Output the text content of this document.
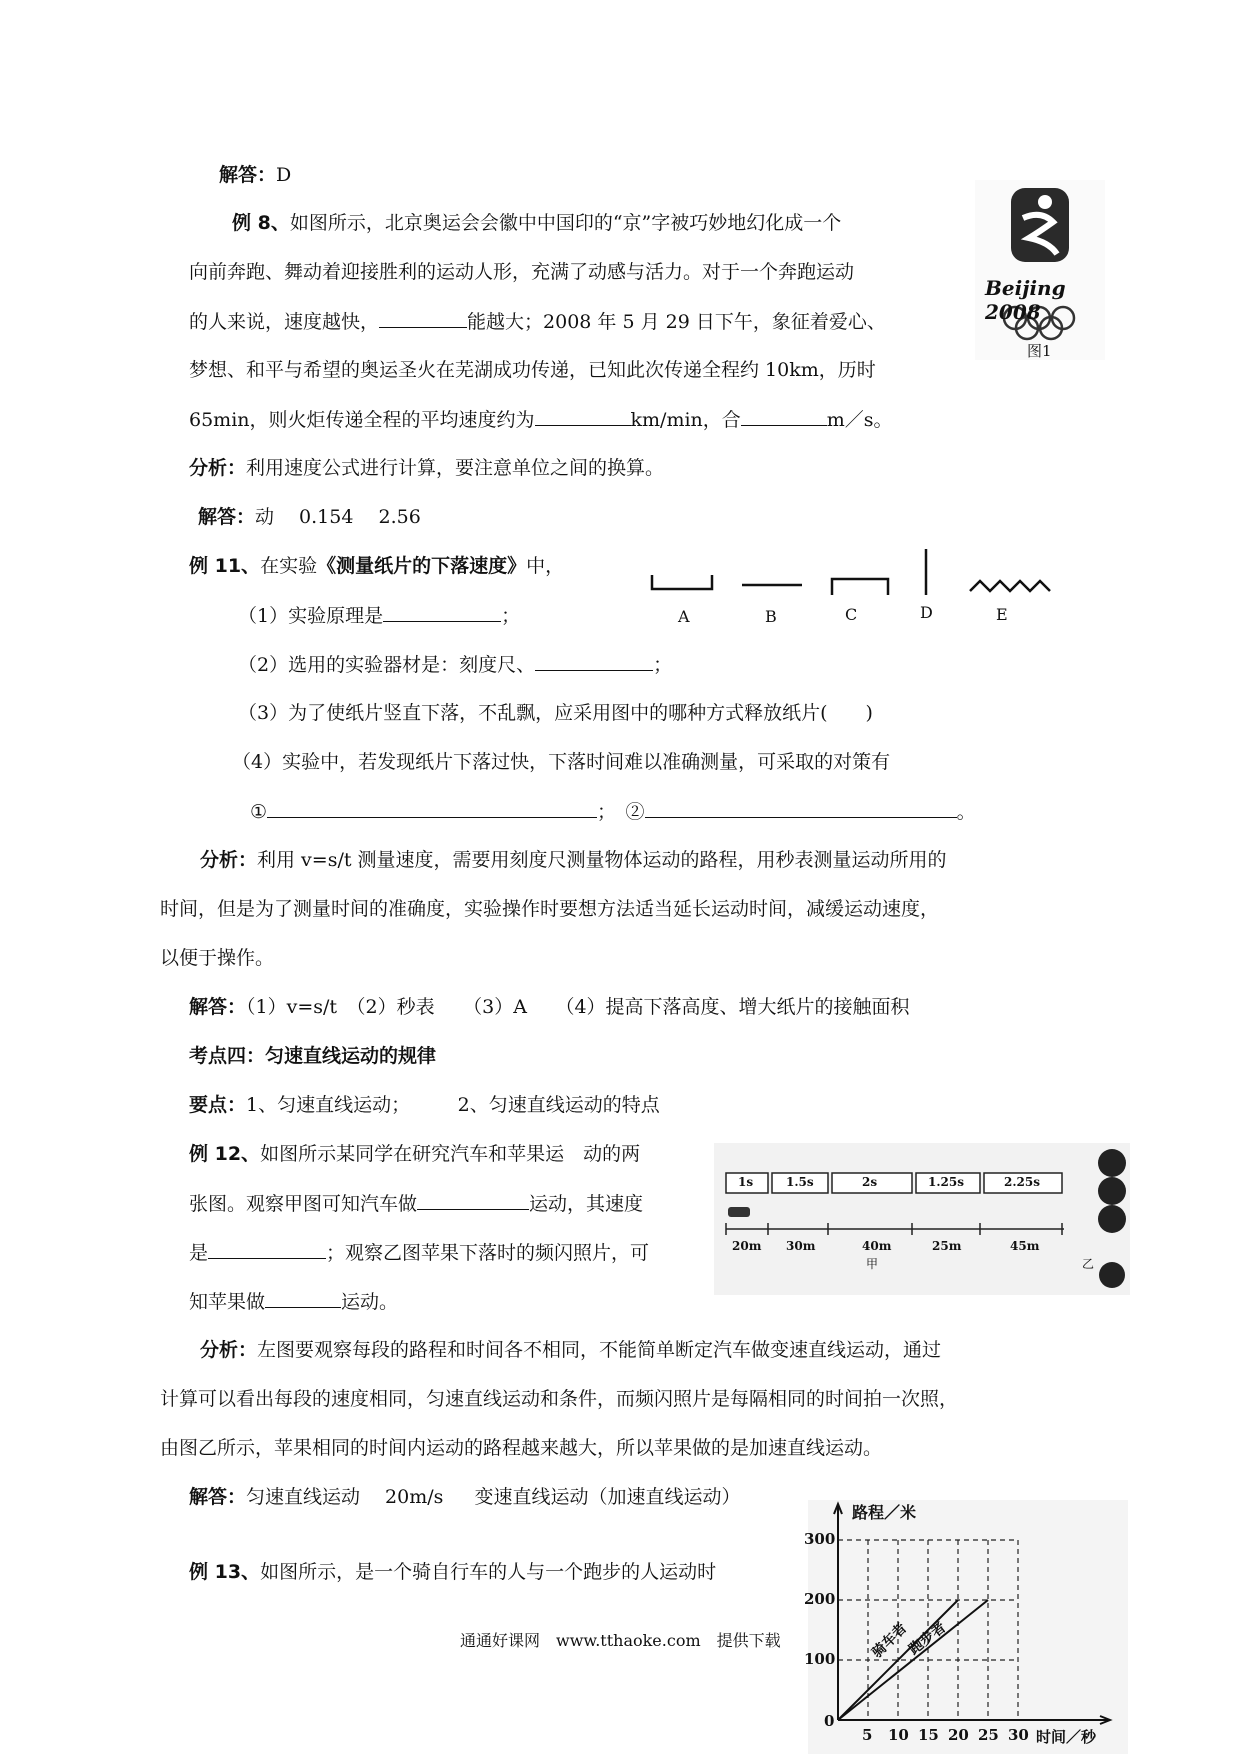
解答：D
例 8、如图所示，北京奥运会会徽中中国印的“京”字被巧妙地幻化成一个
向前奔跑、舞动着迎接胜利的运动人形，充满了动感与活力。对于一个奔跑运动
的人来说，速度越快，	能越大；2008 年 5 月 29 日下午，象征着爱心、
梦想、和平与希望的奥运圣火在芜湖成功传递，已知此次传递全程约 10km，历时
65min，则火炬传递全程的平均速度约为	km/min，合	m／s。
Beijing 2008
图1
分析：利用速度公式进行计算，要注意单位之间的换算。
解答：动　 0.154 　2.56
例 11、在实验《测量纸片的下落速度》中，
A	B	C	D	E
（1）实验原理是	；
（2）选用的实验器材是：刻度尺、	；
（3）为了使纸片竖直下落，不乱飘，应采用图中的哪种方式释放纸片(　　)
（4）实验中，若发现纸片下落过快，下落时间难以准确测量，可采取的对策有
①	；　②	。
分析：利用 v=s/t 测量速度，需要用刻度尺测量物体运动的路程，用秒表测量运动所用的
时间，但是为了测量时间的准确度，实验操作时要想方法适当延长运动时间，减缓运动速度，
以便于操作。
解答：（1）v=s/t　（2）秒表　　（3）A　　（4）提高下落高度、增大纸片的接触面积
考点四：匀速直线运动的规律
要点：1、匀速直线运动；　　　2、匀速直线运动的特点
例 12、如图所示某同学在研究汽车和苹果运　动的两
张图。观察甲图可知汽车做	运动，其速度
是	；观察乙图苹果下落时的频闪照片，可
知苹果做	运动。
1s	1.5s	2s	1.25s	2.25s
20m 30m	40m	25m	45m
甲	乙
分析：左图要观察每段的路程和时间各不相同，不能简单断定汽车做变速直线运动，通过
计算可以看出每段的速度相同，匀速直线运动和条件，而频闪照片是每隔相同的时间拍一次照，
由图乙所示，苹果相同的时间内运动的路程越来越大，所以苹果做的是加速直线运动。
解答：匀速直线运动　 20m/s 　 变速直线运动（加速直线运动）
例 13、如图所示，是一个骑自行车的人与一个跑步的人运动时
路程／米
300
200
100
0
5 10 15 20 25 30 时间／秒
骑车者
跑步者
通通好课网　www.tthaoke.com　提供下载
